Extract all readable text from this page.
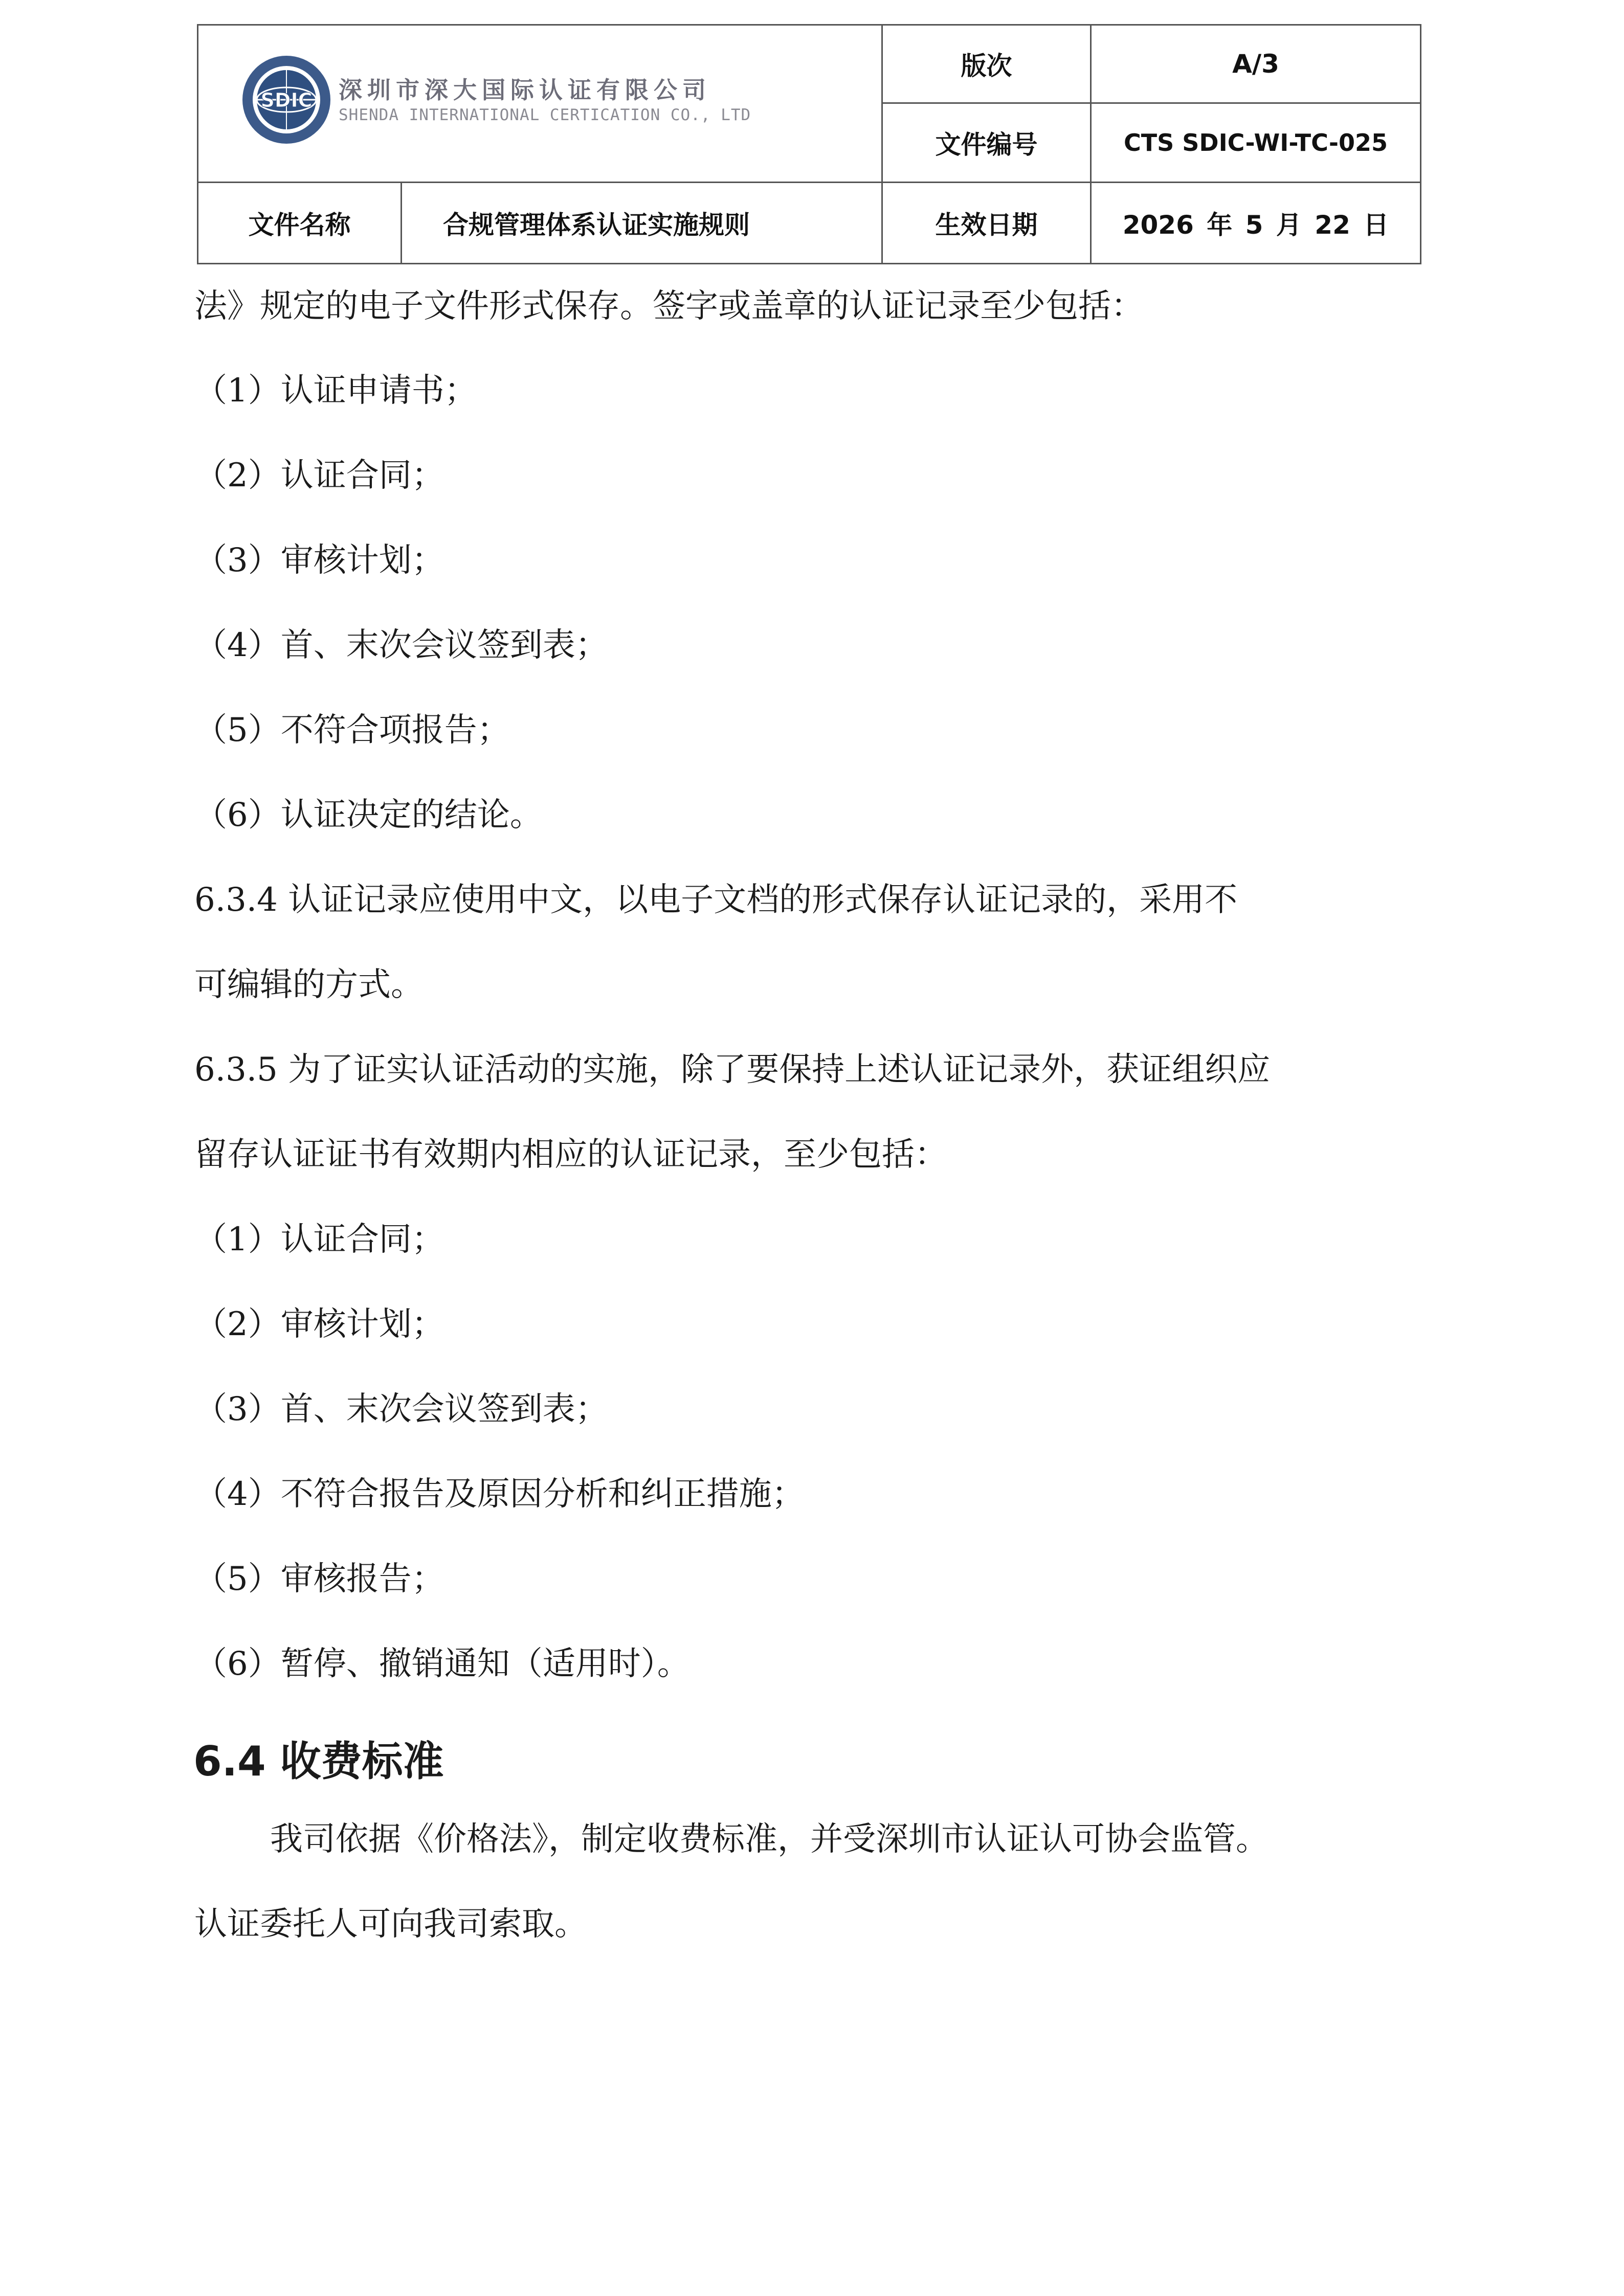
版次	A/3
文件编号	CTS SDIC-WI-TC-025
文件名称	合规管理体系认证实施规则	生效日期	2026 年 5 月 22 日
SDIC 深圳市深大国际认证有限公司
SHENDA INTERNATIONAL CERTICATION CO., LTD
法》规定的电子文件形式保存。签字或盖章的认证记录至少包括：
（1）认证申请书；
（2）认证合同；
（3）审核计划；
（4）首、末次会议签到表；
（5）不符合项报告；
（6）认证决定的结论。
6.3.4 认证记录应使用中文，以电子文档的形式保存认证记录的，采用不
可编辑的方式。
6.3.5 为了证实认证活动的实施，除了要保持上述认证记录外，获证组织应
留存认证证书有效期内相应的认证记录，至少包括：
（1）认证合同；
（2）审核计划；
（3）首、末次会议签到表；
（4）不符合报告及原因分析和纠正措施；
（5）审核报告；
（6）暂停、撤销通知（适用时）。
6.4 收费标准
我司依据《价格法》，制定收费标准，并受深圳市认证认可协会监管。
认证委托人可向我司索取。
